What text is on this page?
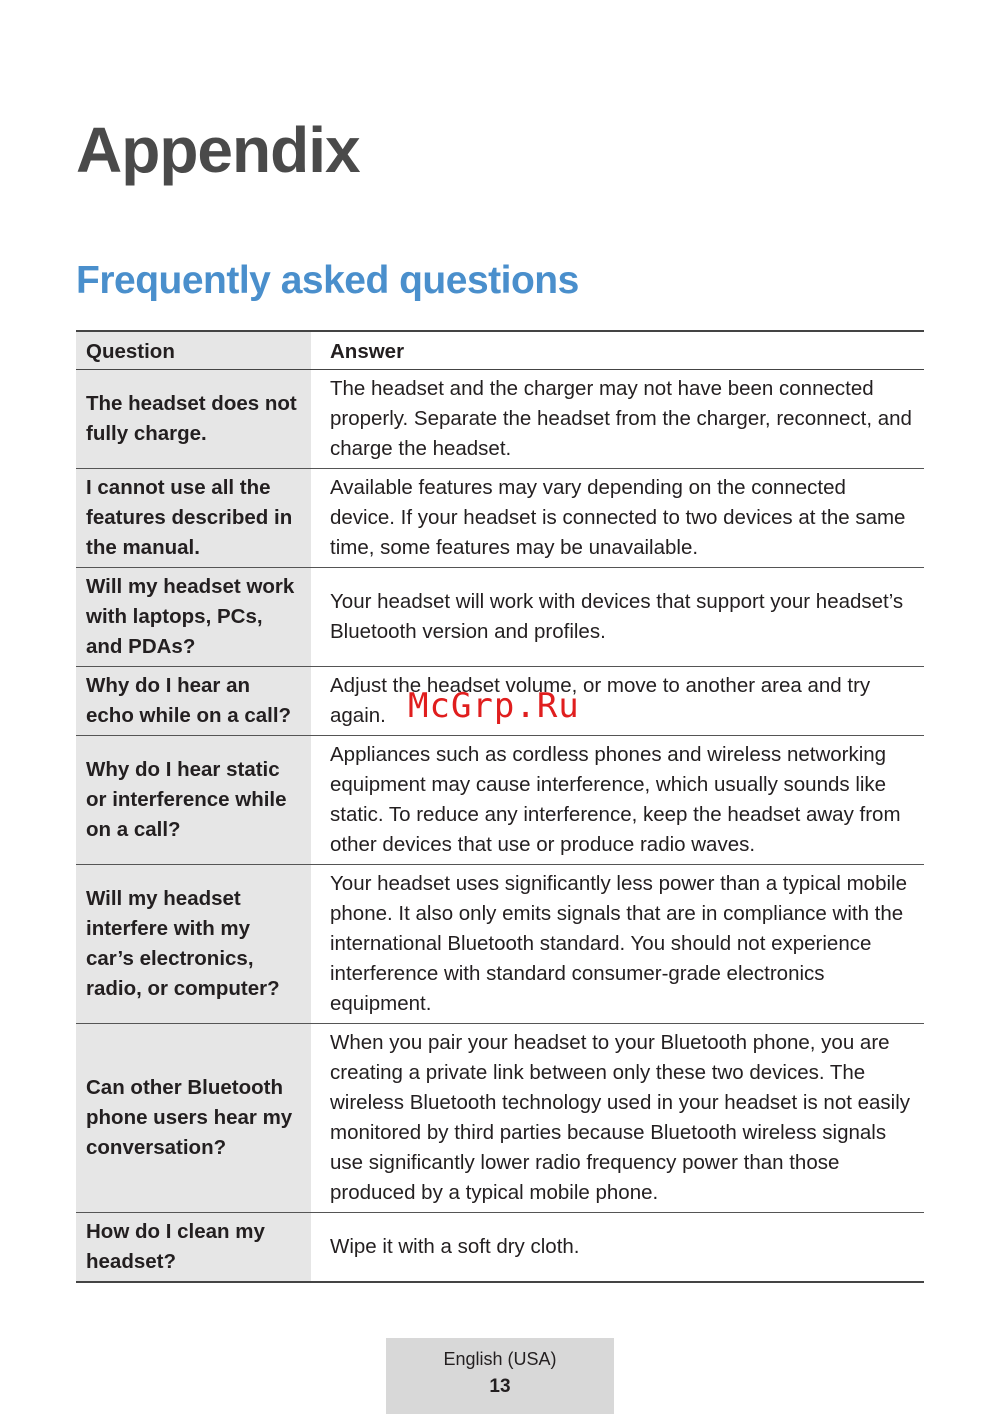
Appendix
Frequently asked questions
Question	Answer
The headset does not fully charge.	The headset and the charger may not have been connected properly. Separate the headset from the charger, reconnect, and charge the headset.
I cannot use all the features described in the manual.	Available features may vary depending on the connected device. If your headset is connected to two devices at the same time, some features may be unavailable.
Will my headset work with laptops, PCs, and PDAs?	Your headset will work with devices that support your headset’s Bluetooth version and profiles.
Why do I hear an echo while on a call?	Adjust the headset volume, or move to another area and try again.
Why do I hear static or interference while on a call?	Appliances such as cordless phones and wireless networking equipment may cause interference, which usually sounds like static. To reduce any interference, keep the headset away from other devices that use or produce radio waves.
Will my headset interfere with my car’s electronics, radio, or computer?	Your headset uses significantly less power than a typical mobile phone. It also only emits signals that are in compliance with the international Bluetooth standard. You should not experience interference with standard consumer-grade electronics equipment.
Can other Bluetooth phone users hear my conversation?	When you pair your headset to your Bluetooth phone, you are creating a private link between only these two devices. The wireless Bluetooth technology used in your headset is not easily monitored by third parties because Bluetooth wireless signals use significantly lower radio frequency power than those produced by a typical mobile phone.
How do I clean my headset?	Wipe it with a soft dry cloth.
McGrp.Ru
English (USA)
13
